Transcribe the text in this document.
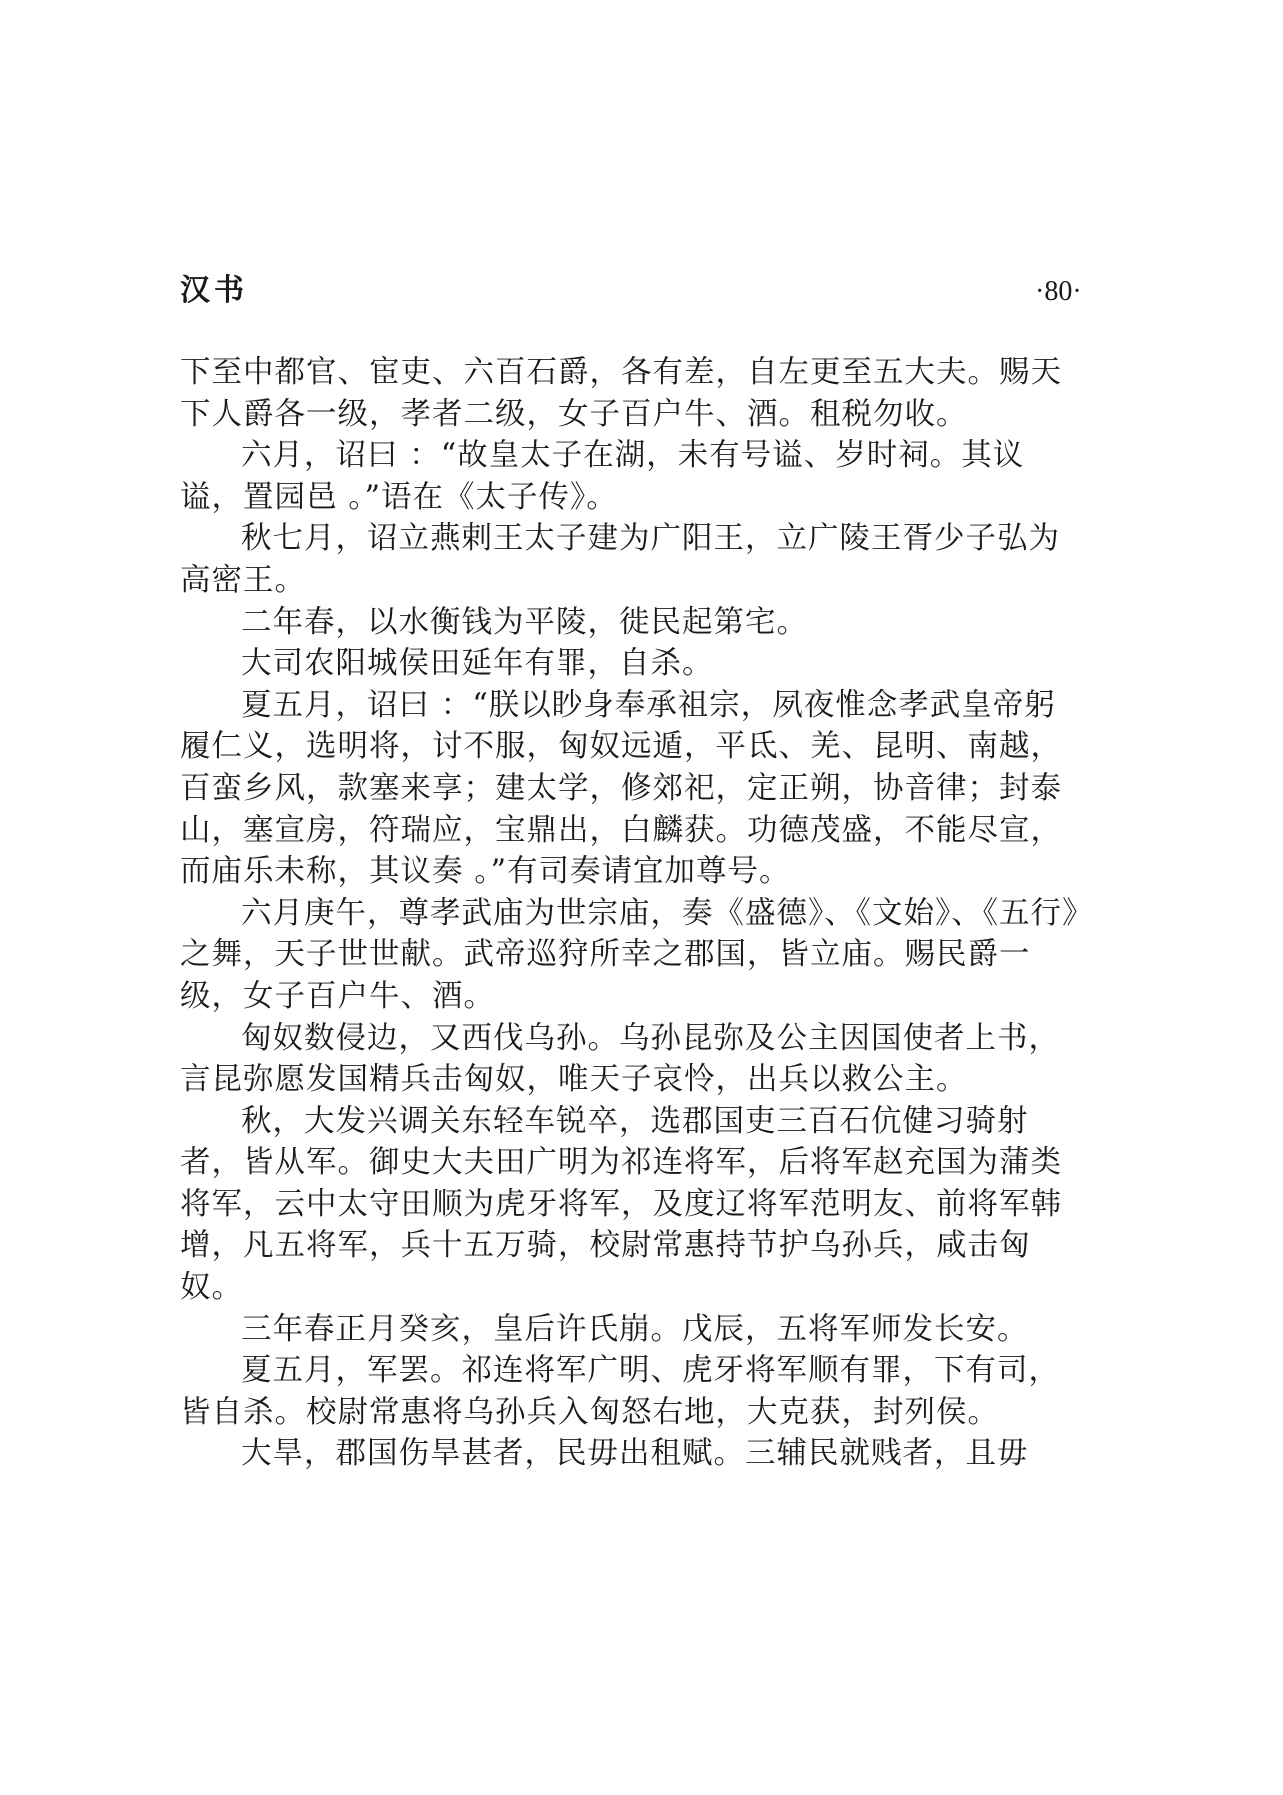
汉书	·80·

下至中都官、宦吏、六百石爵，各有差，自左更至五大夫。赐天下人爵各一级，孝者二级，女子百户牛、酒。租税勿收。

六月，诏曰 ：“故皇太子在湖，未有号谥、岁时祠。其议谥，置园邑 。”语在《太子传》。

秋七月，诏立燕剌王太子建为广阳王，立广陵王胥少子弘为高密王。

二年春，以水衡钱为平陵，徙民起第宅。

大司农阳城侯田延年有罪，自杀。

夏五月，诏曰 ：“朕以眇身奉承祖宗，夙夜惟念孝武皇帝躬履仁义，选明将，讨不服，匈奴远遁，平氐、羌、昆明、南越，百蛮乡风，款塞来享；建太学，修郊祀，定正朔，协音律；封泰山，塞宣房，符瑞应，宝鼎出，白麟获。功德茂盛，不能尽宣，而庙乐未称，其议奏 。”有司奏请宜加尊号。

六月庚午，尊孝武庙为世宗庙，奏《盛德》、《文始》、《五行》之舞，天子世世献。武帝巡狩所幸之郡国，皆立庙。赐民爵一级，女子百户牛、酒。

匈奴数侵边，又西伐乌孙。乌孙昆弥及公主因国使者上书，言昆弥愿发国精兵击匈奴，唯天子哀怜，出兵以救公主。

秋，大发兴调关东轻车锐卒，选郡国吏三百石伉健习骑射者，皆从军。御史大夫田广明为祁连将军，后将军赵充国为蒲类将军，云中太守田顺为虎牙将军，及度辽将军范明友、前将军韩增，凡五将军，兵十五万骑，校尉常惠持节护乌孙兵，咸击匈奴。

三年春正月癸亥，皇后许氏崩。戊辰，五将军师发长安。

夏五月，军罢。祁连将军广明、虎牙将军顺有罪，下有司，皆自杀。校尉常惠将乌孙兵入匈怒右地，大克获，封列侯。

大旱，郡国伤旱甚者，民毋出租赋。三辅民就贱者，且毋
